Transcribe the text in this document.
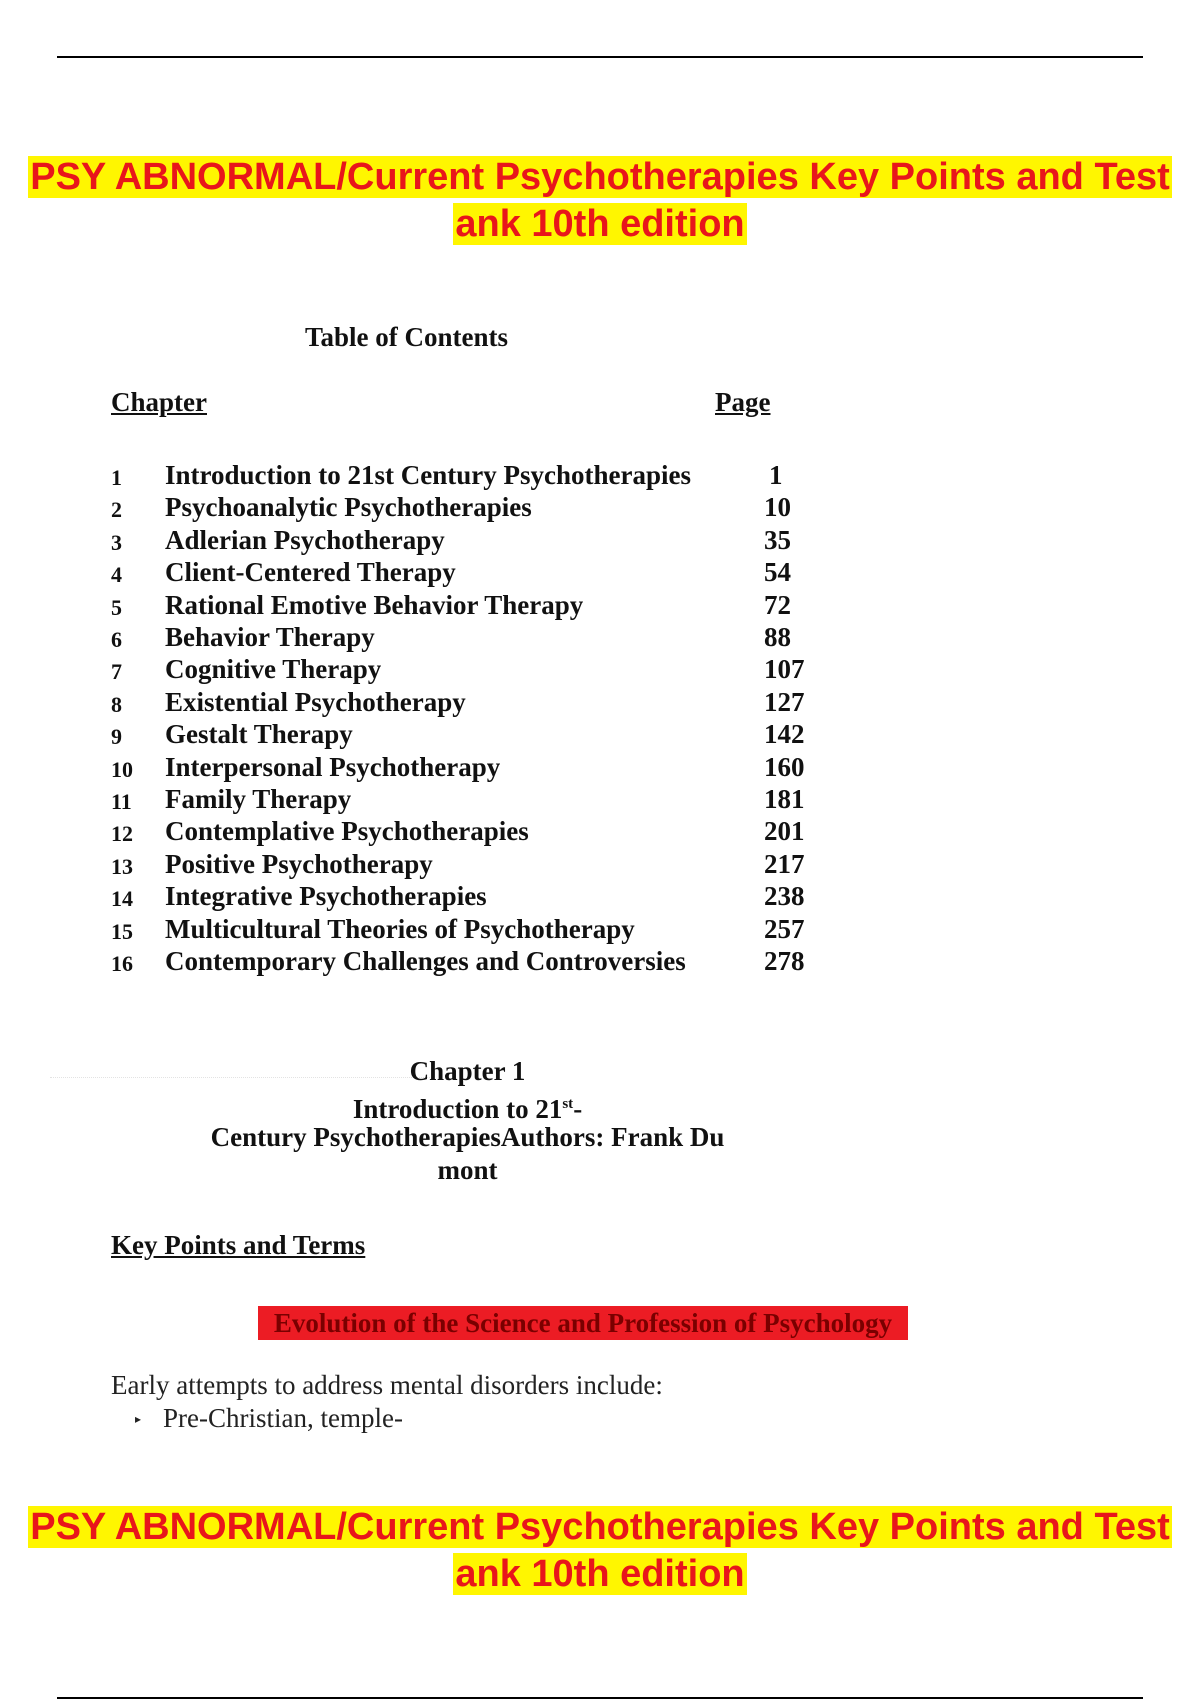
PSY ABNORMAL/Current Psychotherapies Key Points and Test
ank 10th edition
Table of Contents
Chapter	Page
1 Introduction to 21st Century Psychotherapies	1
2 Psychoanalytic Psychotherapies	10
3 Adlerian Psychotherapy	35
4 Client-Centered Therapy	54
5 Rational Emotive Behavior Therapy	72
6 Behavior Therapy	88
7 Cognitive Therapy	107
8 Existential Psychotherapy	127
9 Gestalt Therapy	142
10 Interpersonal Psychotherapy	160
11 Family Therapy	181
12 Contemplative Psychotherapies	201
13 Positive Psychotherapy	217
14 Integrative Psychotherapies	238
15 Multicultural Theories of Psychotherapy	257
16 Contemporary Challenges and Controversies	278
Chapter 1
Introduction to 21st-
Century PsychotherapiesAuthors: Frank Du
mont
Key Points and Terms
Evolution of the Science and Profession of Psychology
Early attempts to address mental disorders include:
▸ Pre-Christian, temple-
PSY ABNORMAL/Current Psychotherapies Key Points and Test
ank 10th edition
